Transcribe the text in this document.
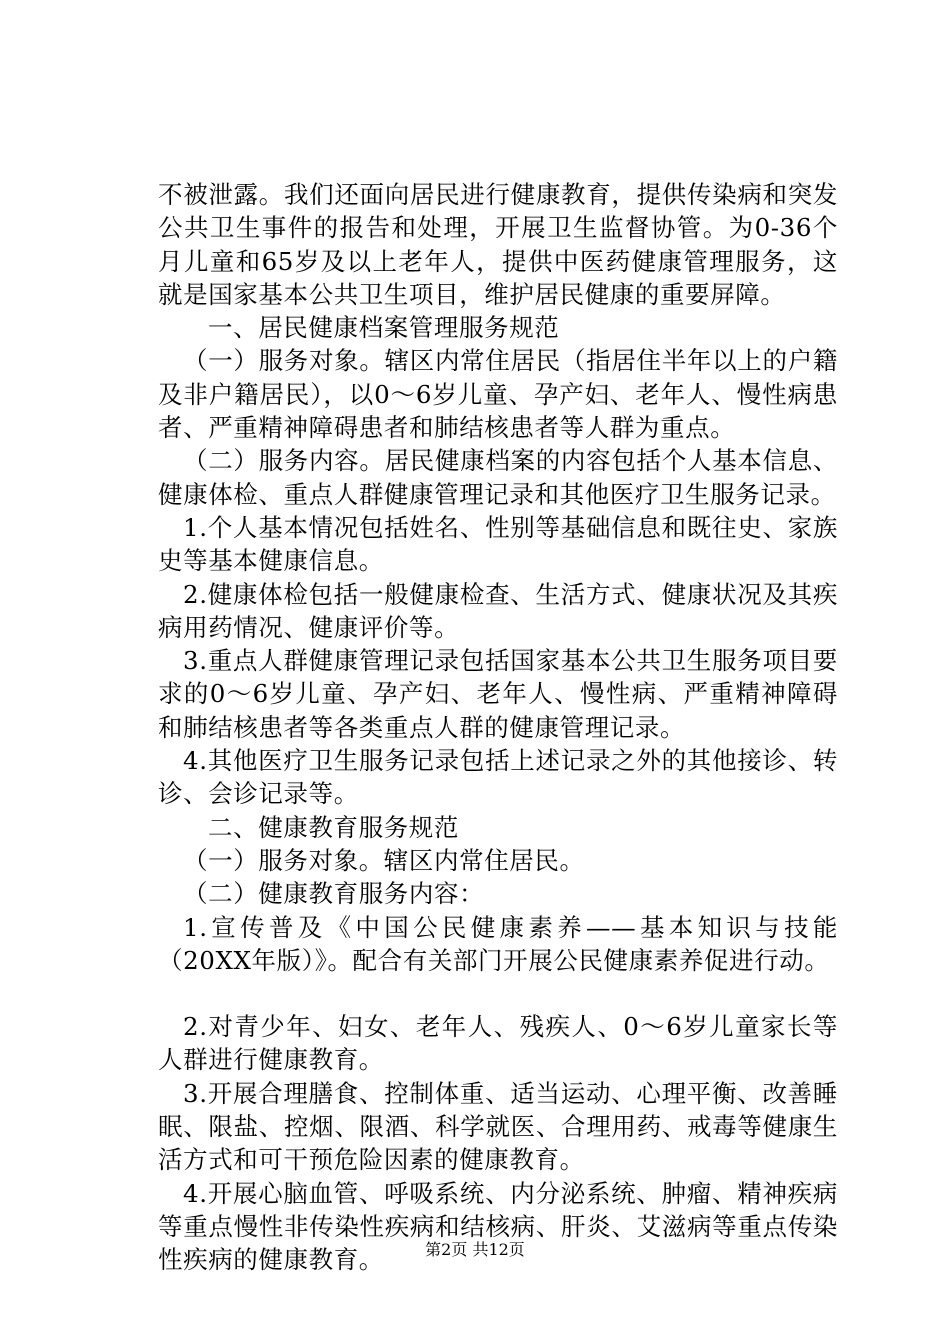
不被泄露。我们还面向居民进行健康教育，提供传染病和突发公共卫生事件的报告和处理，开展卫生监督协管。为0-36个月儿童和65岁及以上老年人，提供中医药健康管理服务，这就是国家基本公共卫生项目，维护居民健康的重要屏障。

一、居民健康档案管理服务规范

（一）服务对象。辖区内常住居民（指居住半年以上的户籍及非户籍居民），以0～6岁儿童、孕产妇、老年人、慢性病患者、严重精神障碍患者和肺结核患者等人群为重点。

（二）服务内容。居民健康档案的内容包括个人基本信息、健康体检、重点人群健康管理记录和其他医疗卫生服务记录。

1.个人基本情况包括姓名、性别等基础信息和既往史、家族史等基本健康信息。

2.健康体检包括一般健康检查、生活方式、健康状况及其疾病用药情况、健康评价等。

3.重点人群健康管理记录包括国家基本公共卫生服务项目要求的0～6岁儿童、孕产妇、老年人、慢性病、严重精神障碍和肺结核患者等各类重点人群的健康管理记录。

4.其他医疗卫生服务记录包括上述记录之外的其他接诊、转诊、会诊记录等。

二、健康教育服务规范

（一）服务对象。辖区内常住居民。

（二）健康教育服务内容：

1.宣传普及《中国公民健康素养——基本知识与技能（20XX年版）》。配合有关部门开展公民健康素养促进行动。

2.对青少年、妇女、老年人、残疾人、0～6岁儿童家长等人群进行健康教育。

3.开展合理膳食、控制体重、适当运动、心理平衡、改善睡眠、限盐、控烟、限酒、科学就医、合理用药、戒毒等健康生活方式和可干预危险因素的健康教育。

4.开展心脑血管、呼吸系统、内分泌系统、肿瘤、精神疾病等重点慢性非传染性疾病和结核病、肝炎、艾滋病等重点传染性疾病的健康教育。	第2页 共12页
